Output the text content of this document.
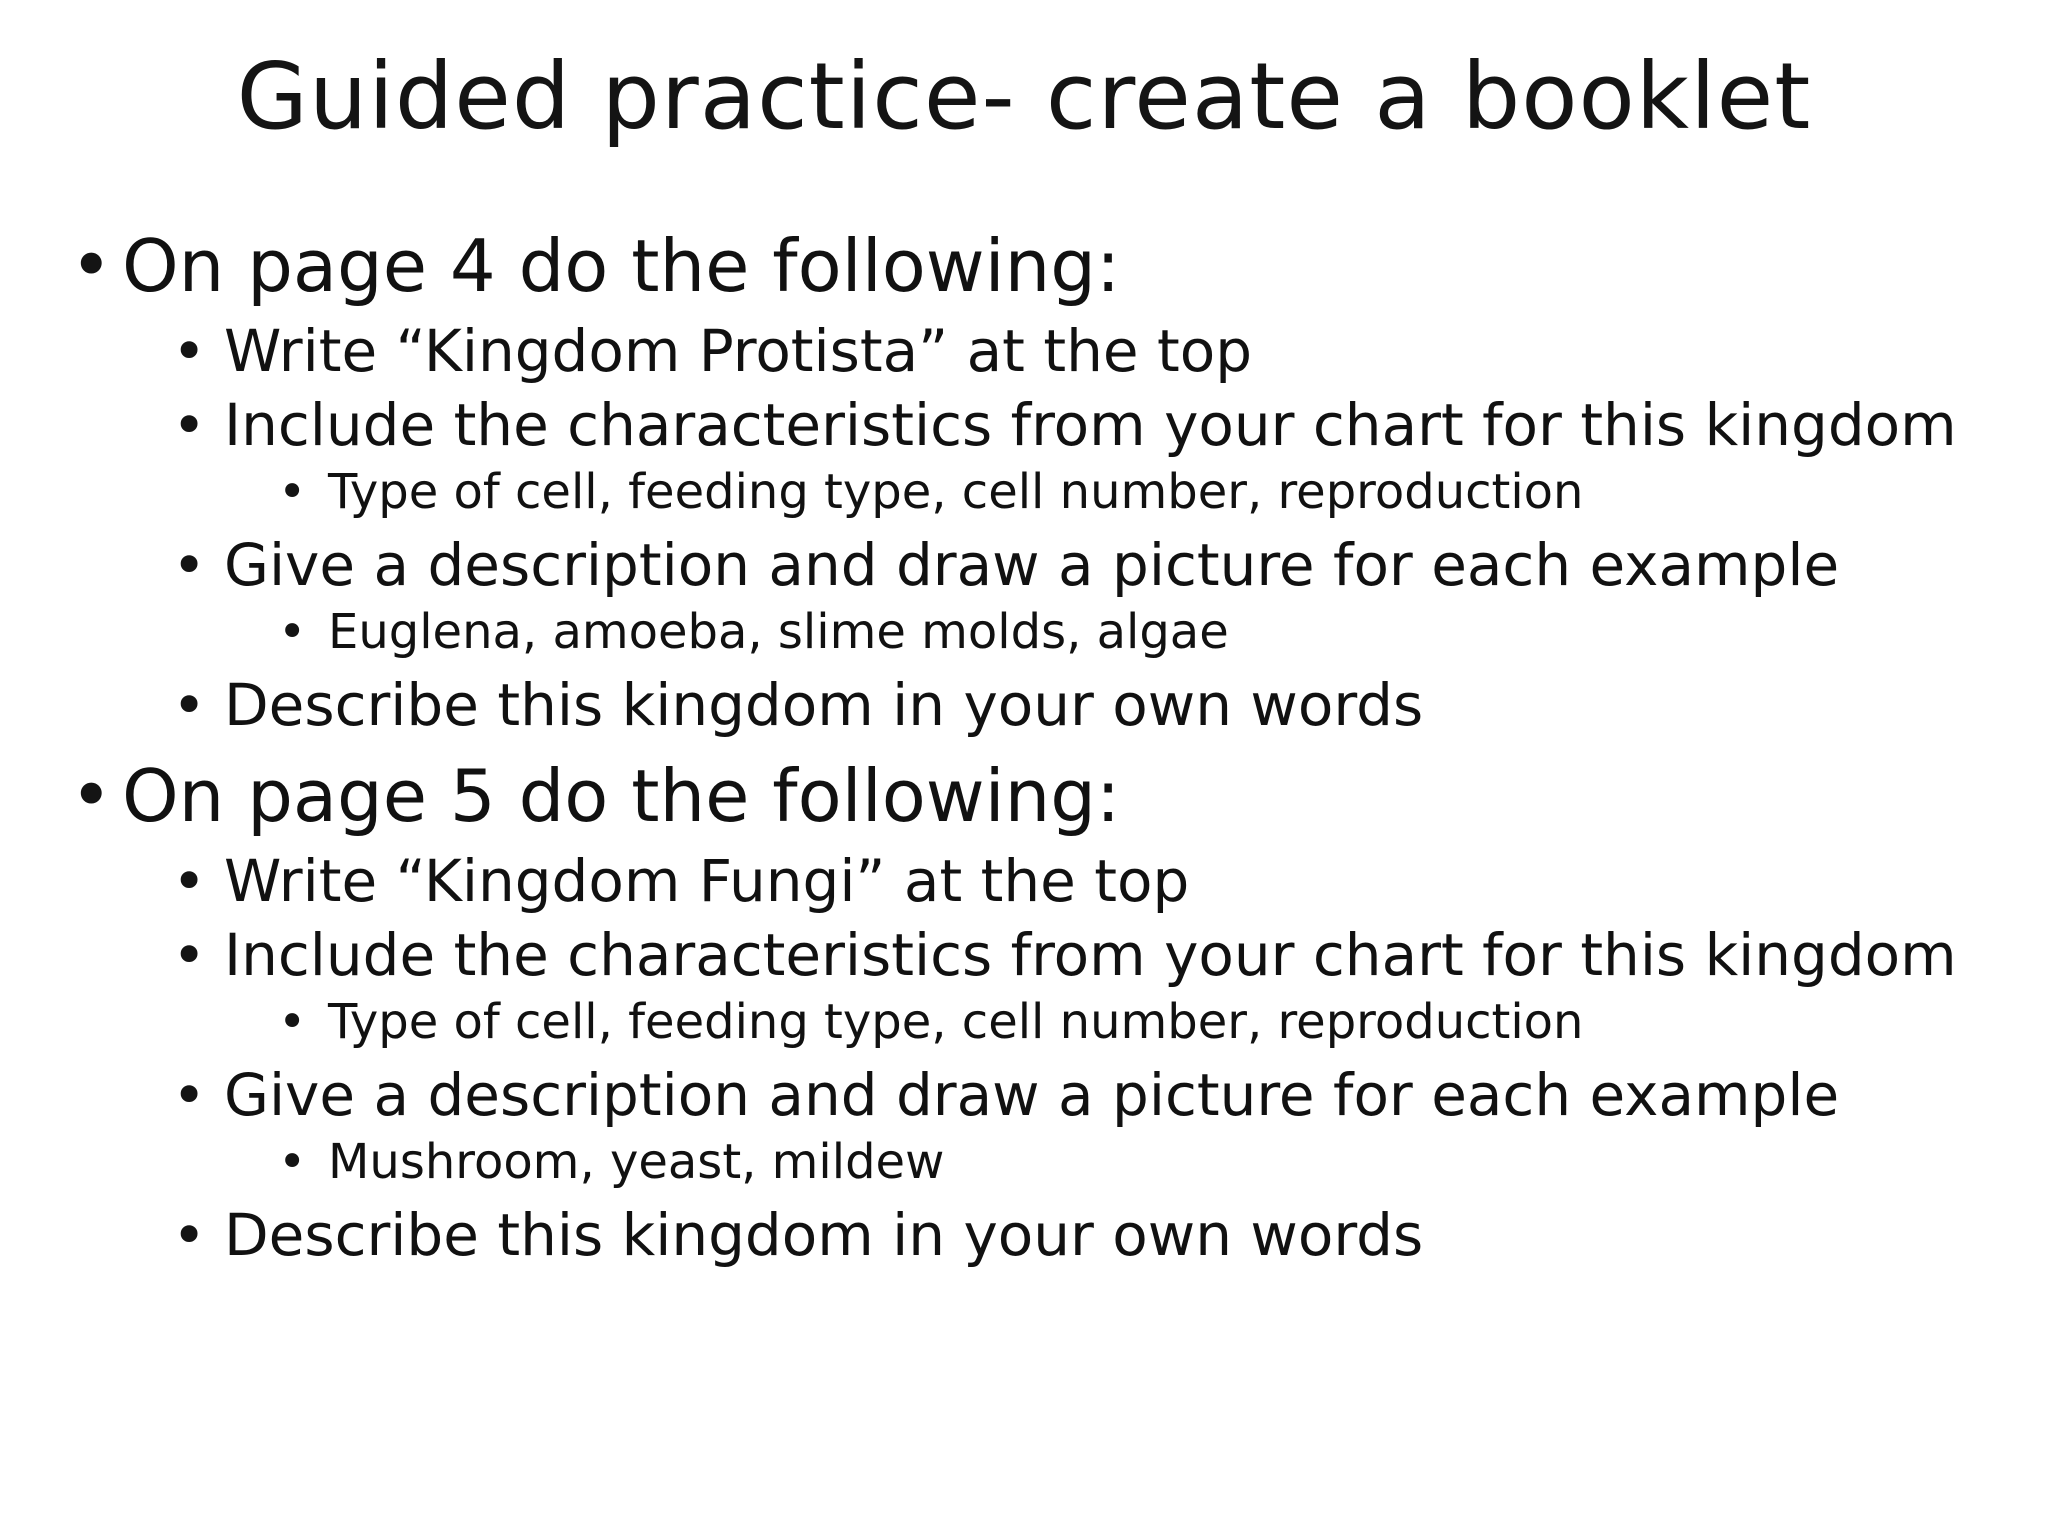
Guided practice- create a booklet
• On page 4 do the following:
• Write “Kingdom Protista” at the top
• Include the characteristics from your chart for this kingdom
• Type of cell, feeding type, cell number, reproduction
• Give a description and draw a picture for each example
• Euglena, amoeba, slime molds, algae
• Describe this kingdom in your own words
• On page 5 do the following:
• Write “Kingdom Fungi” at the top
• Include the characteristics from your chart for this kingdom
• Type of cell, feeding type, cell number, reproduction
• Give a description and draw a picture for each example
• Mushroom, yeast, mildew
• Describe this kingdom in your own words
